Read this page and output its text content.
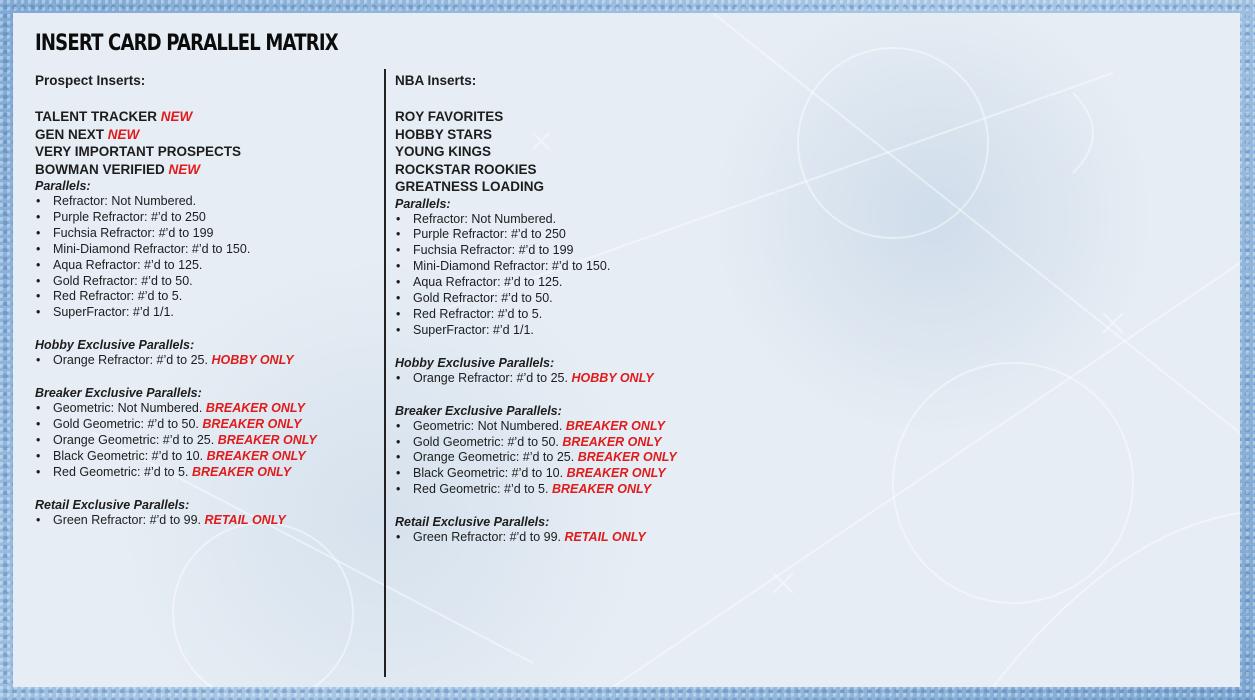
INSERT CARD PARALLEL MATRIX
Prospect Inserts:
TALENT TRACKER NEW
GEN NEXT NEW
VERY IMPORTANT PROSPECTS
BOWMAN VERIFIED NEW
Parallels:
• Refractor: Not Numbered.
• Purple Refractor: #’d to 250
• Fuchsia Refractor: #’d to 199
• Mini-Diamond Refractor: #’d to 150.
• Aqua Refractor: #’d to 125.
• Gold Refractor: #’d to 50.
• Red Refractor: #’d to 5.
• SuperFractor: #’d 1/1.
Hobby Exclusive Parallels:
• Orange Refractor: #’d to 25. HOBBY ONLY
Breaker Exclusive Parallels:
• Geometric: Not Numbered. BREAKER ONLY
• Gold Geometric: #’d to 50. BREAKER ONLY
• Orange Geometric: #’d to 25. BREAKER ONLY
• Black Geometric: #’d to 10. BREAKER ONLY
• Red Geometric: #’d to 5. BREAKER ONLY
Retail Exclusive Parallels:
• Green Refractor: #’d to 99. RETAIL ONLY
NBA Inserts:
ROY FAVORITES
HOBBY STARS
YOUNG KINGS
ROCKSTAR ROOKIES
GREATNESS LOADING
Parallels:
• Refractor: Not Numbered.
• Purple Refractor: #’d to 250
• Fuchsia Refractor: #’d to 199
• Mini-Diamond Refractor: #’d to 150.
• Aqua Refractor: #’d to 125.
• Gold Refractor: #’d to 50.
• Red Refractor: #’d to 5.
• SuperFractor: #’d 1/1.
Hobby Exclusive Parallels:
• Orange Refractor: #’d to 25. HOBBY ONLY
Breaker Exclusive Parallels:
• Geometric: Not Numbered. BREAKER ONLY
• Gold Geometric: #’d to 50. BREAKER ONLY
• Orange Geometric: #’d to 25. BREAKER ONLY
• Black Geometric: #’d to 10. BREAKER ONLY
• Red Geometric: #’d to 5. BREAKER ONLY
Retail Exclusive Parallels:
• Green Refractor: #’d to 99. RETAIL ONLY
